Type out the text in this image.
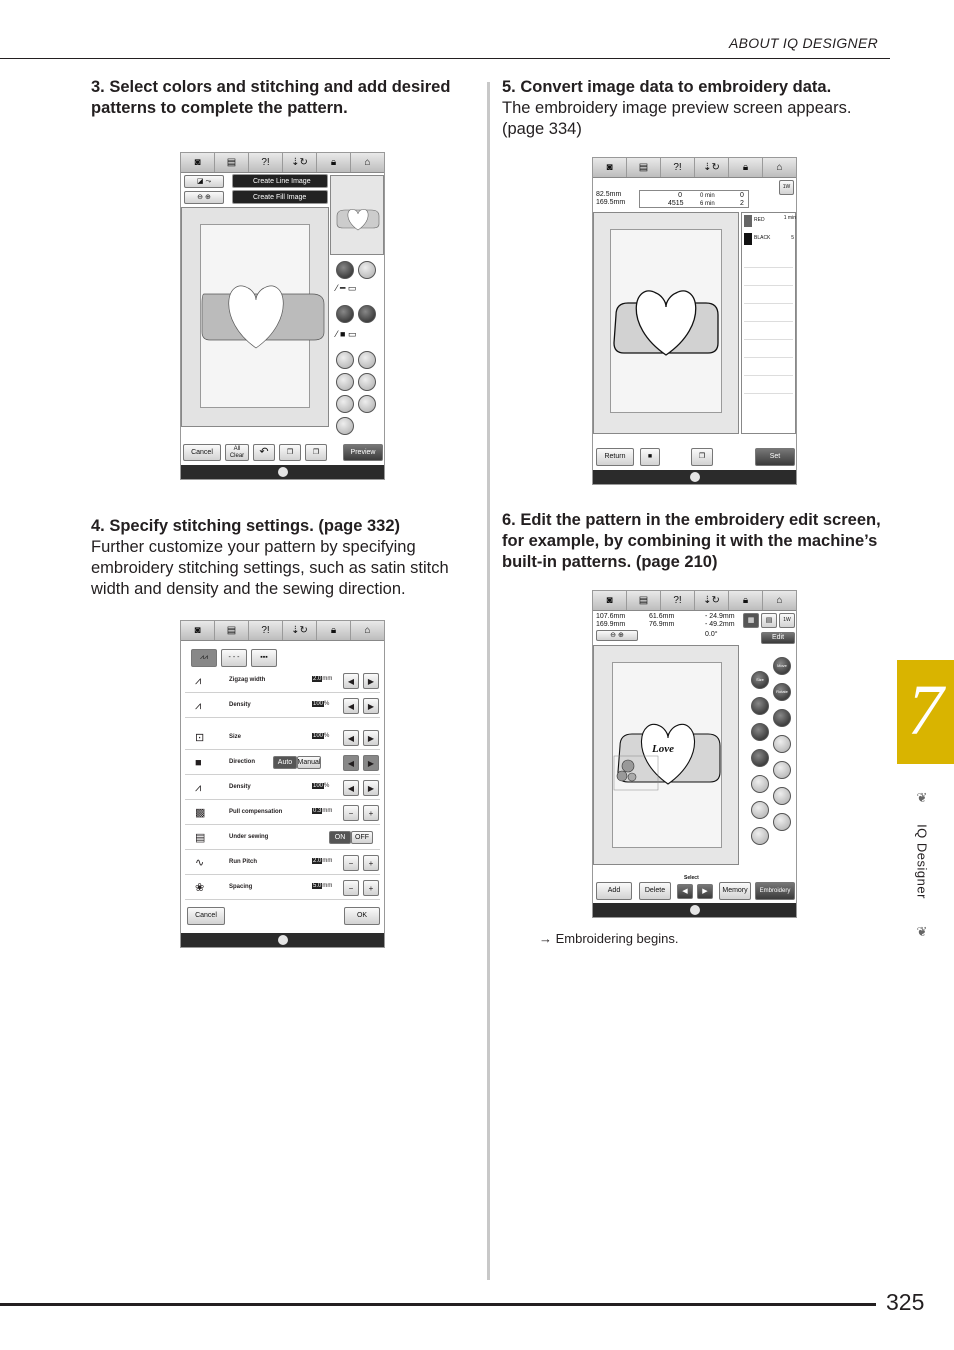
ABOUT IQ DESIGNER
3. Select colors and stitching and add desired patterns to complete the pattern.
4. Specify stitching settings. (page 332)
Further customize your pattern by specifying embroidery stitching settings, such as satin stitch width and density and the sewing direction.
5. Convert image data to embroidery data.
The embroidery image preview screen appears. (page 334)
6. Edit the pattern in the embroidery edit screen, for example, by combining it with the machine’s built-in patterns. (page 210)
→ Embroidering begins.
◙	▤	?!	⇣↻	🔒︎	⌂
◪ ⤳	Create Line Image
⊖ ⊕	Create Fill Image
⁄ ━ ▭
⁄ ■ ▭
Cancel	All Clear	↶	❐	❐	Preview
◙	▤	?!	⇣↻	🔒︎	⌂
⩘⩘	- - -	▪▪▪
⩘	Zigzag width	2.0mm	◀	▶
⩘	Density	100%	◀	▶
⊡	Size	100%	◀	▶
■	Direction	Auto Manual	◀	▶
⩘	Density	100%	◀	▶
▩	Pull compensation	0.3mm	−	+
▤	Under sewing	ON	OFF
∿	Run Pitch	2.0mm	−	+
❀	Spacing	5.0mm	−	+
Cancel	OK
◙	▤	?!	⇣↻	🔒︎	⌂
82.5mm
169.5mm
0
4515
0 min
6 min
0
2
1W
RED	1 min
BLACK	5
Return	■	❐	Set
◙	▤	?!	⇣↻	🔒︎	⌂
107.6mm
169.9mm
61.6mm
76.9mm
- 24.9mm
- 49.2mm
0.0°
⊖ ⊕
▦	▤	1W
Edit
Love
Move
Size
Rotate
Select
Add	Delete	◀	▶	Memory	Embroidery
7
❦
IQ Designer
❦
325
